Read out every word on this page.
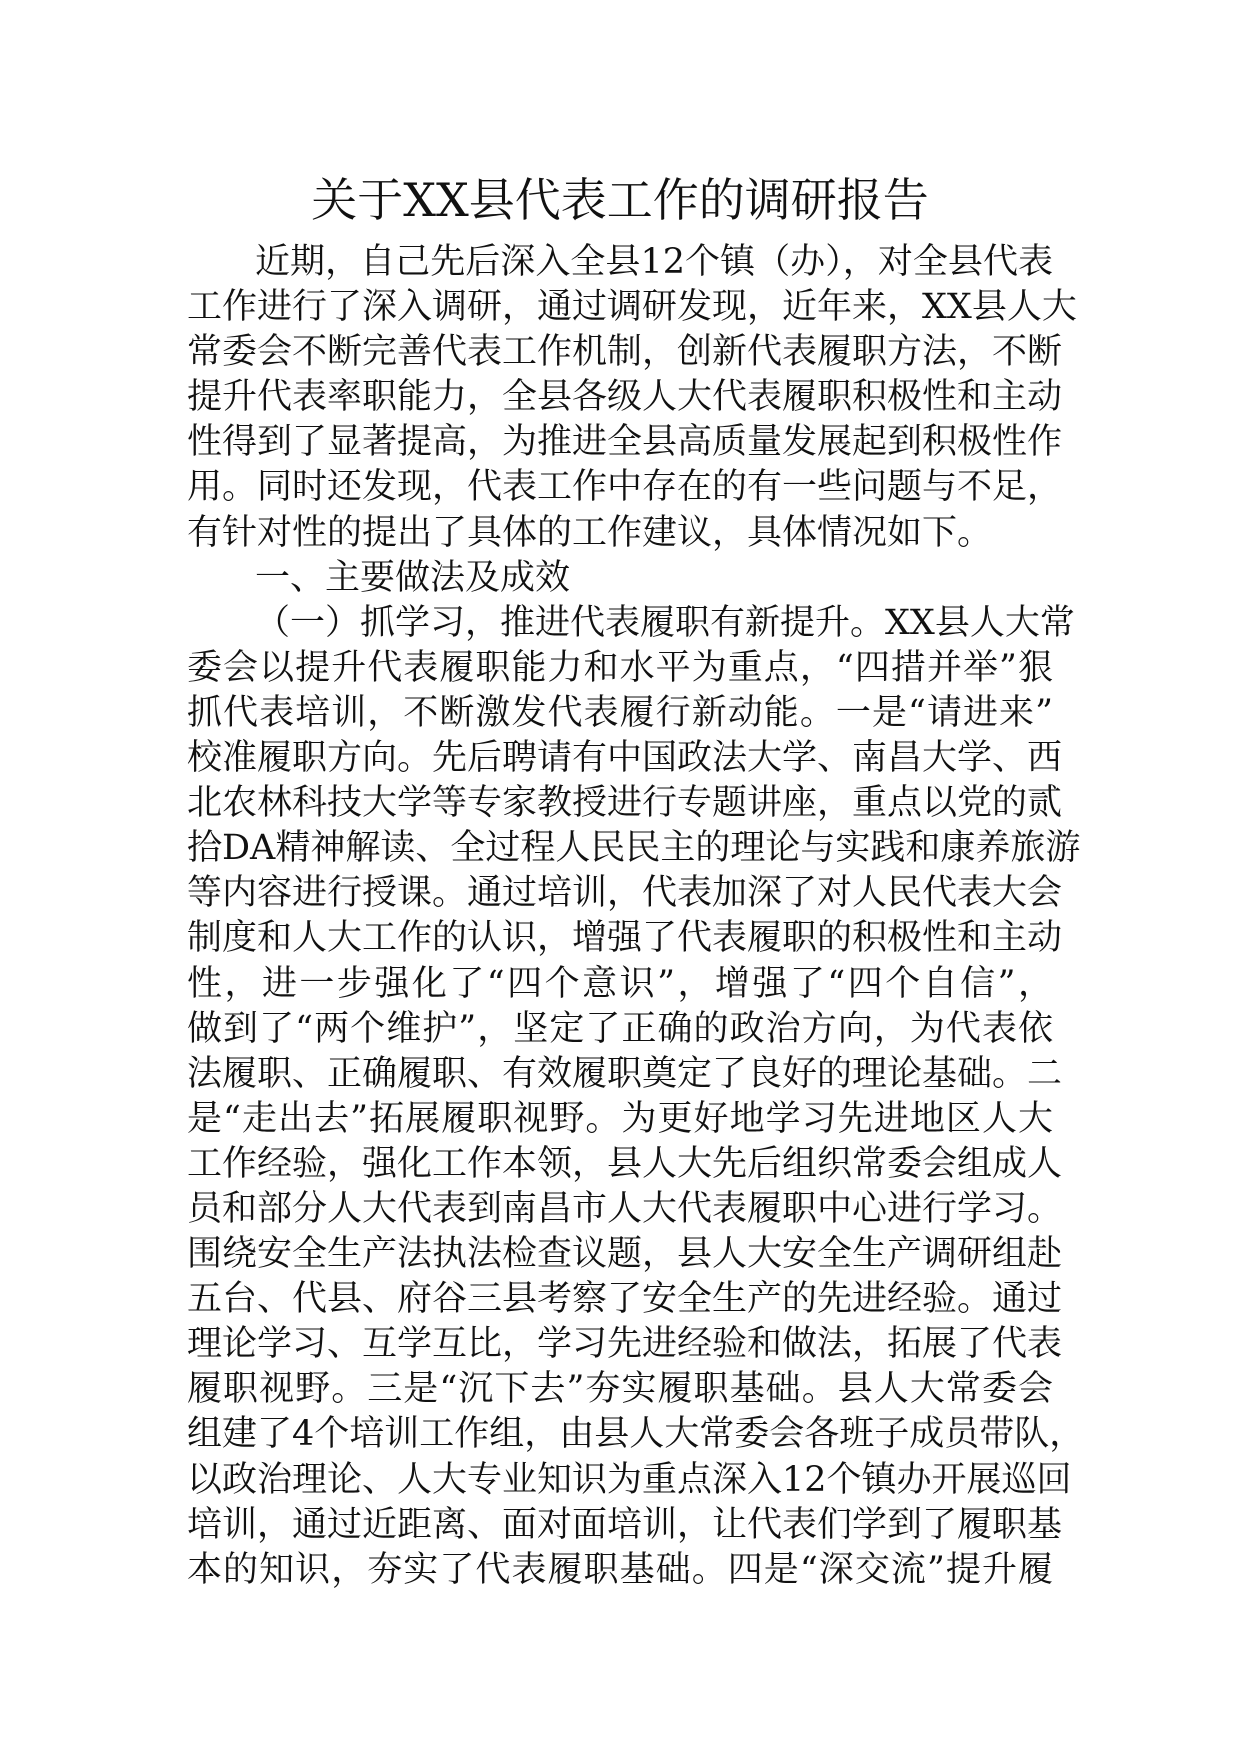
关于XX县代表工作的调研报告
近期，自己先后深入全县12个镇（办），对全县代表
工作进行了深入调研，通过调研发现，近年来，XX县人大
常委会不断完善代表工作机制，创新代表履职方法，不断
提升代表率职能力，全县各级人大代表履职积极性和主动
性得到了显著提高，为推进全县高质量发展起到积极性作
用。同时还发现，代表工作中存在的有一些问题与不足，
有针对性的提出了具体的工作建议，具体情况如下。
一、主要做法及成效
（一）抓学习，推进代表履职有新提升。XX县人大常
委会以提升代表履职能力和水平为重点，“四措并举”狠
抓代表培训，不断激发代表履行新动能。一是“请进来”
校准履职方向。先后聘请有中国政法大学、南昌大学、西
北农林科技大学等专家教授进行专题讲座，重点以党的贰
拾DA精神解读、全过程人民民主的理论与实践和康养旅游
等内容进行授课。通过培训，代表加深了对人民代表大会
制度和人大工作的认识，增强了代表履职的积极性和主动
性，进一步强化了“四个意识”，增强了“四个自信”，
做到了“两个维护”，坚定了正确的政治方向，为代表依
法履职、正确履职、有效履职奠定了良好的理论基础。二
是“走出去”拓展履职视野。为更好地学习先进地区人大
工作经验，强化工作本领，县人大先后组织常委会组成人
员和部分人大代表到南昌市人大代表履职中心进行学习。
围绕安全生产法执法检查议题，县人大安全生产调研组赴
五台、代县、府谷三县考察了安全生产的先进经验。通过
理论学习、互学互比，学习先进经验和做法，拓展了代表
履职视野。三是“沉下去”夯实履职基础。县人大常委会
组建了4个培训工作组，由县人大常委会各班子成员带队，
以政治理论、人大专业知识为重点深入12个镇办开展巡回
培训，通过近距离、面对面培训，让代表们学到了履职基
本的知识，夯实了代表履职基础。四是“深交流”提升履
